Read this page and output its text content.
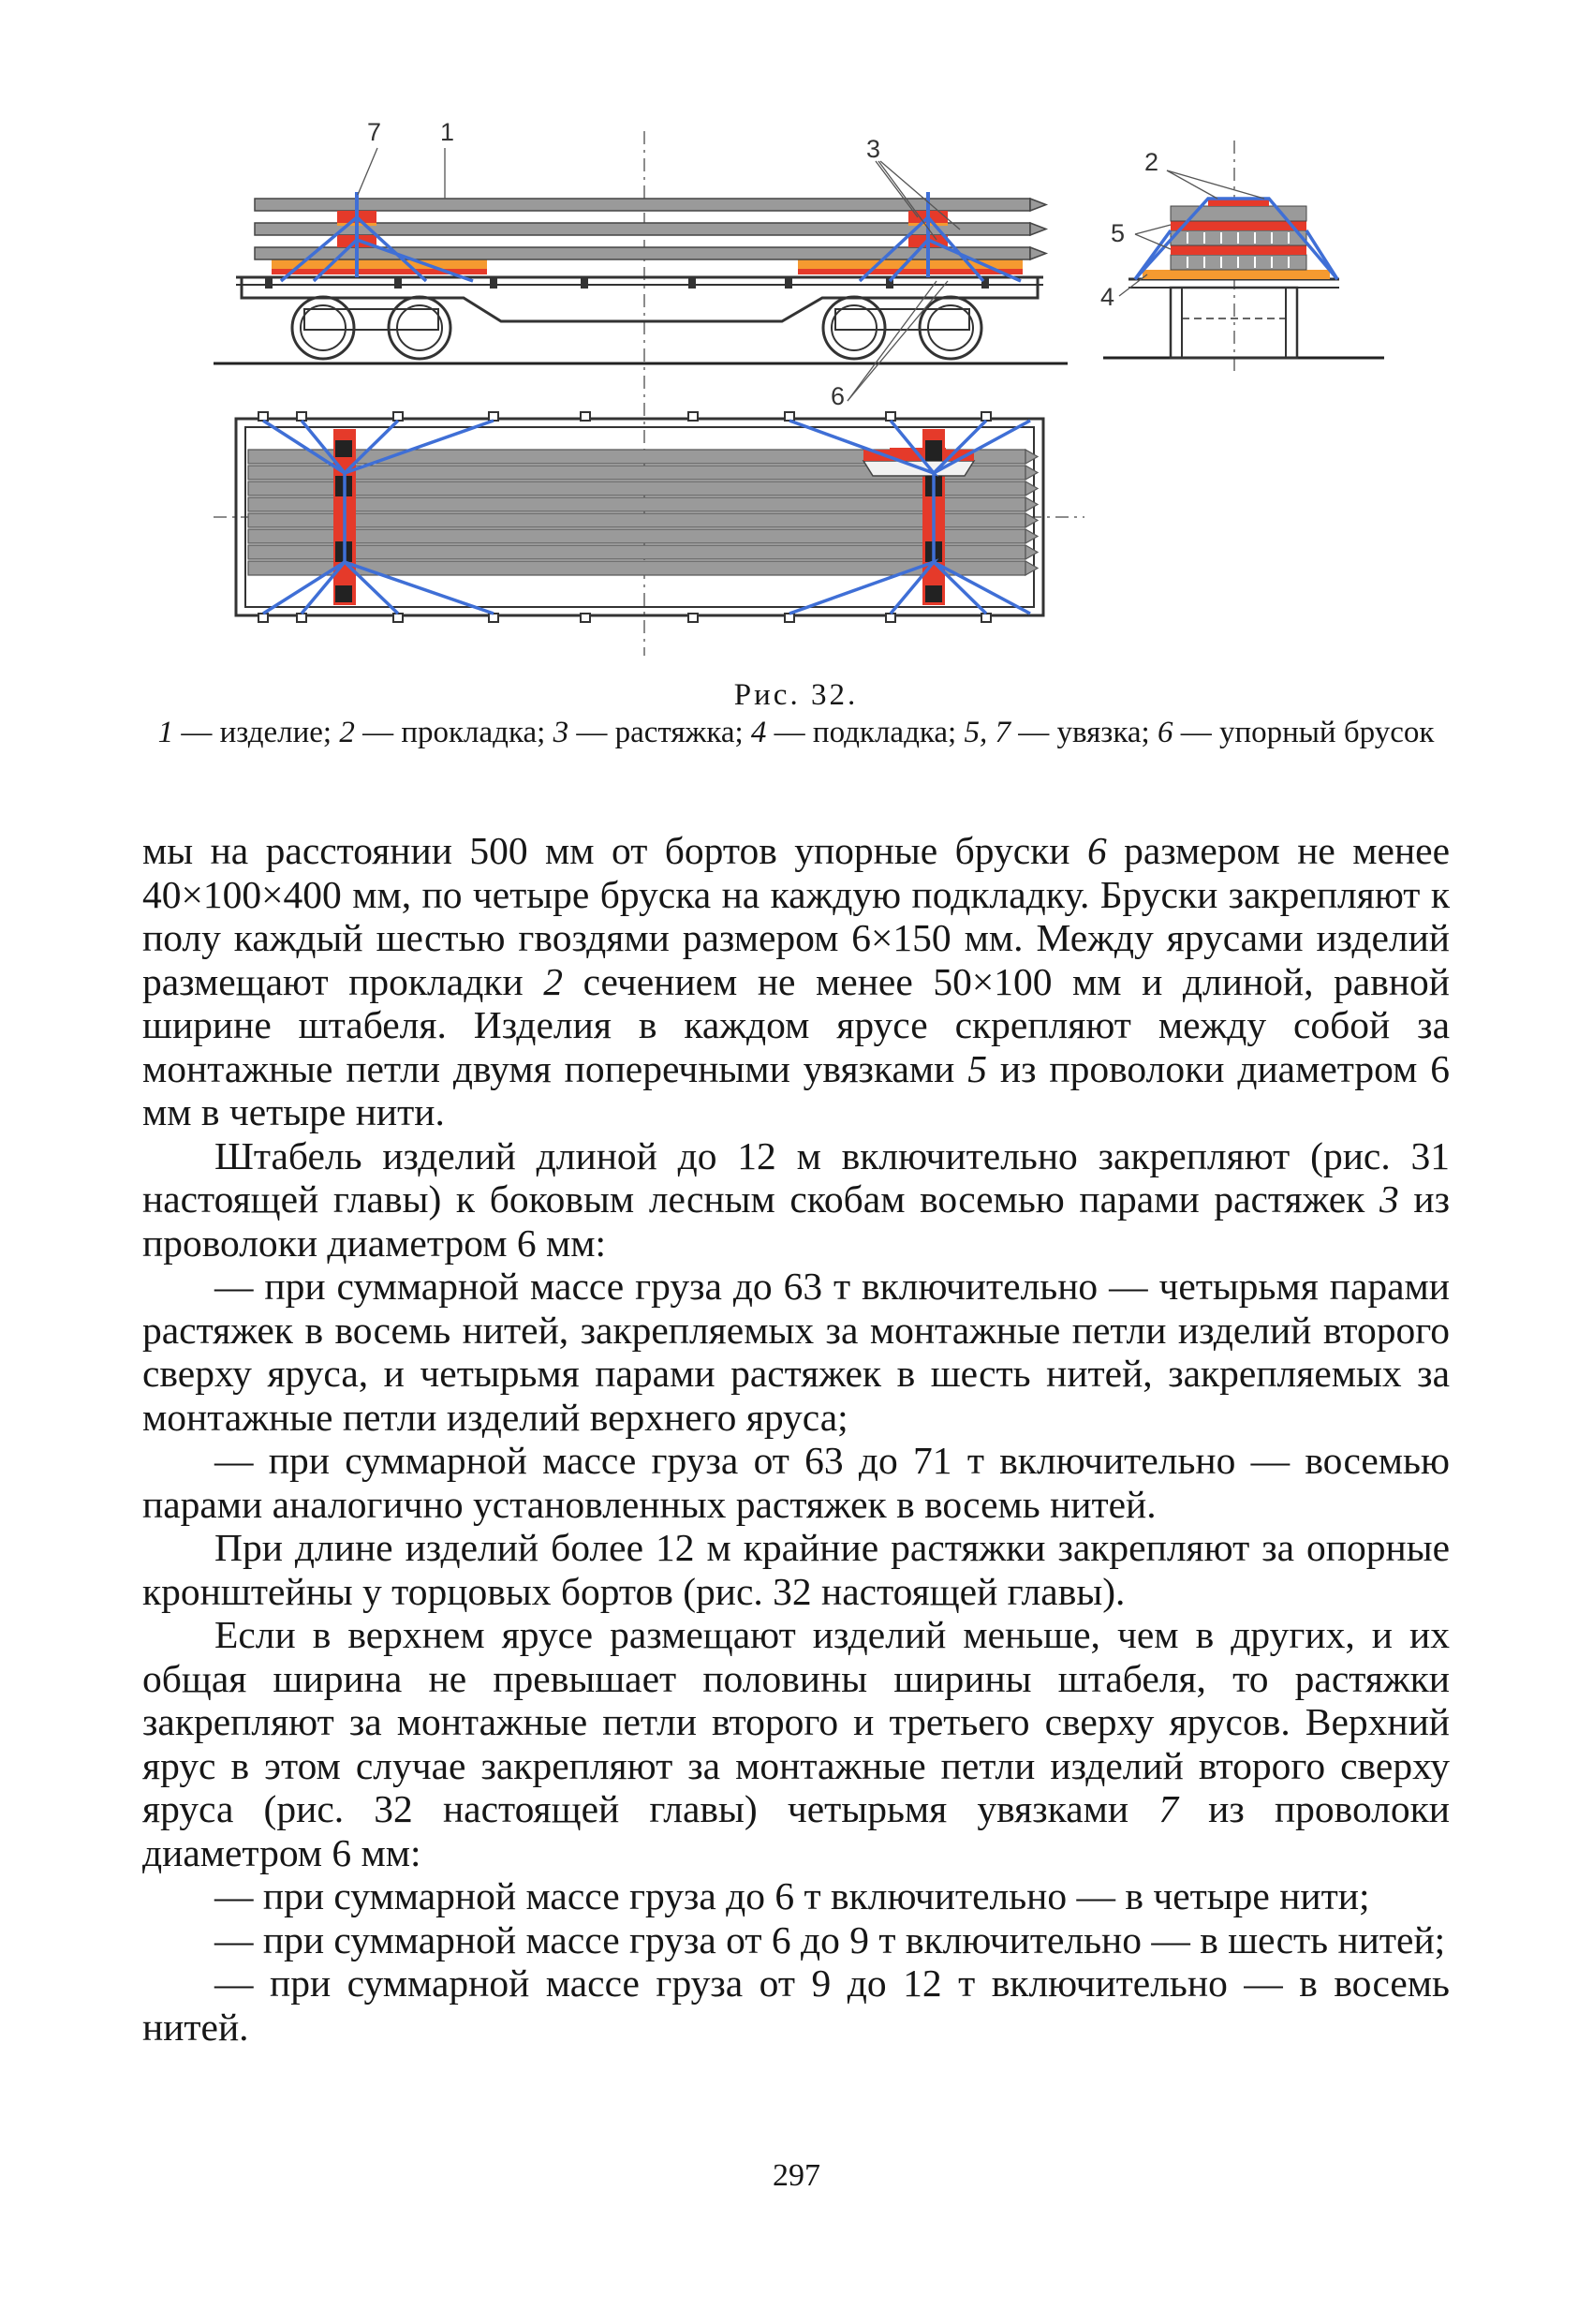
7 1
3
6
2
5
4
Рис. 32.
1 — изделие; 2 — прокладка; 3 — растяжка; 4 — подкладка; 5, 7 — увязка; 6 — упорный брусок

мы на расстоянии 500 мм от бортов упорные бруски 6 размером не менее 40×100×400 мм, по четыре бруска на каждую подкладку. Бруски закрепляют к полу каждый шестью гвоздями размером 6×150 мм. Между ярусами изделий размещают прокладки 2 сечением не менее 50×100 мм и длиной, равной ширине штабеля. Изделия в каждом ярусе скрепляют между собой за монтажные петли двумя поперечными увязками 5 из проволоки диаметром 6 мм в четыре нити.

Штабель изделий длиной до 12 м включительно закрепляют (рис. 31 настоящей главы) к боковым лесным скобам восемью парами растяжек 3 из проволоки диаметром 6 мм:

— при суммарной массе груза до 63 т включительно — четырьмя парами растяжек в восемь нитей, закрепляемых за монтажные петли изделий второго сверху яруса, и четырьмя парами растяжек в шесть нитей, закрепляемых за монтажные петли изделий верхнего яруса;

— при суммарной массе груза от 63 до 71 т включительно — восемью парами аналогично установленных растяжек в восемь нитей.

При длине изделий более 12 м крайние растяжки закрепляют за опорные кронштейны у торцовых бортов (рис. 32 настоящей главы).

Если в верхнем ярусе размещают изделий меньше, чем в других, и их общая ширина не превышает половины ширины штабеля, то растяжки закрепляют за монтажные петли второго и третьего сверху ярусов. Верхний ярус в этом случае закрепляют за монтажные петли изделий второго сверху яруса (рис. 32 настоящей главы) четырьмя увязками 7 из проволоки диаметром 6 мм:

— при суммарной массе груза до 6 т включительно — в четыре нити;

— при суммарной массе груза от 6 до 9 т включительно — в шесть нитей;

— при суммарной массе груза от 9 до 12 т включительно — в восемь нитей.

297
